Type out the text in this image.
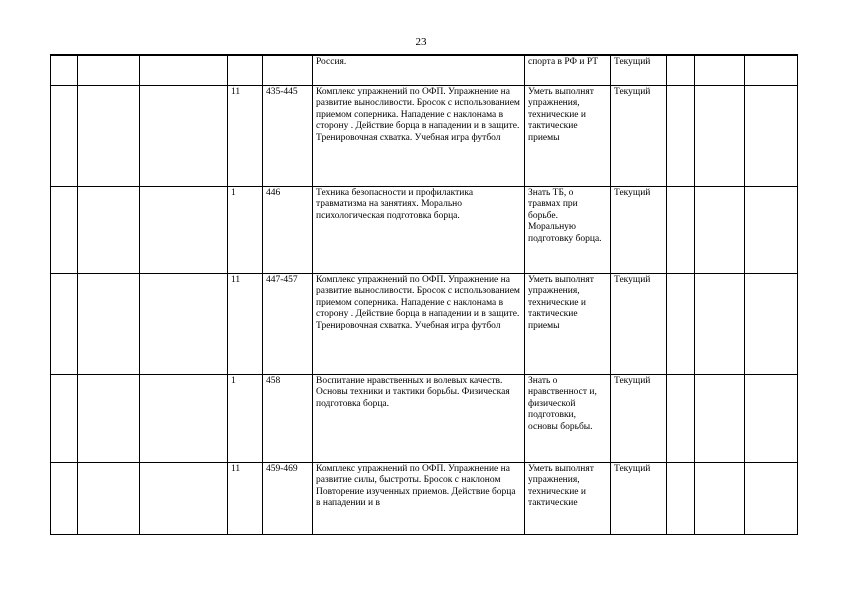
23
					Россия.	спорта в РФ и РТ	Текущий			
			11	435-445	Комплекс упражнений по ОФП. Упражнение на развитие выносливости. Бросок с использованием приемом соперника. Нападение с наклонама в сторону . Действие борца в нападении и в защите. Тренировочная схватка. Учебная игра футбол	Уметь выполнят упражнения, технические и тактические приемы	Текущий			
			1	446	Техника безопасности и профилактика травматизма на занятиях. Морально психологическая подготовка борца.	Знать ТБ, о травмах при борьбе. Моральную подготовку борца.	Текущий			
			11	447-457	Комплекс упражнений по ОФП. Упражнение на развитие выносливости. Бросок с использованием приемом соперника. Нападение с наклонама в сторону . Действие борца в нападении и в защите. Тренировочная схватка. Учебная игра футбол	Уметь выполнят упражнения, технические и тактические приемы	Текущий			
			1	458	Воспитание нравственных и волевых качеств. Основы техники и тактики борьбы. Физическая подготовка борца.	Знать о нравственност и, физической подготовки, основы борьбы.	Текущий			
			11	459-469	Комплекс упражнений по ОФП. Упражнение на развитие силы, быстроты. Бросок с наклоном Повторение изученных приемов. Действие борца в нападении и в	Уметь выполнят упражнения, технические и тактические	Текущий			
